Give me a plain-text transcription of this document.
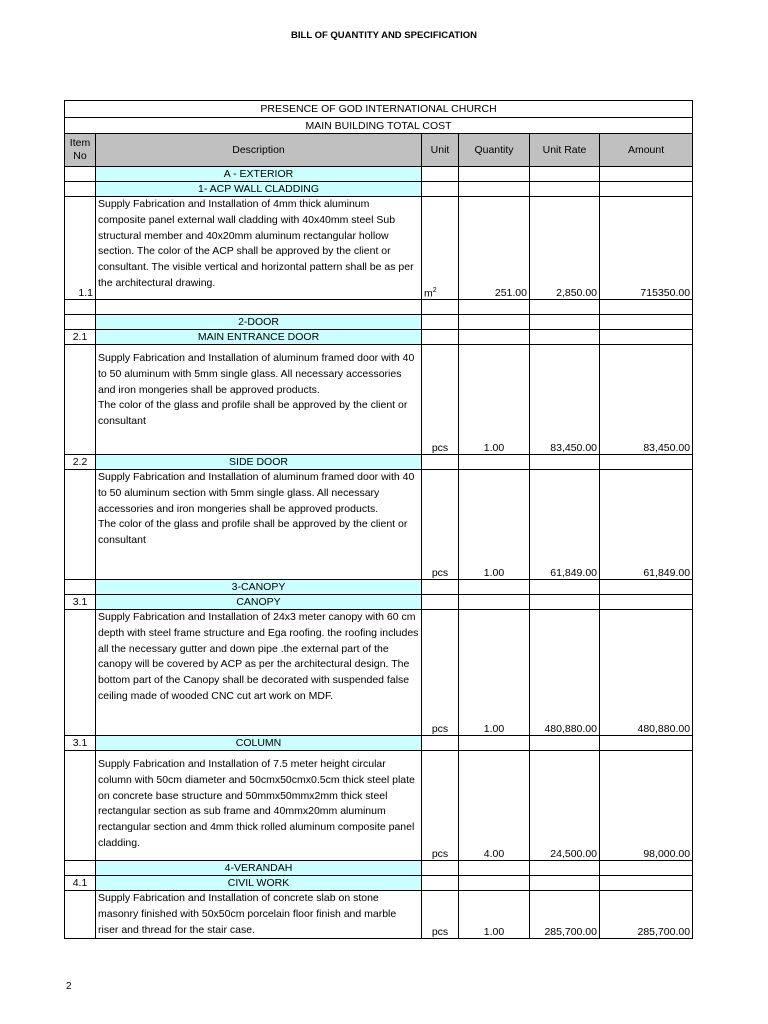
BILL OF QUANTITY AND SPECIFICATION
PRESENCE OF GOD INTERNATIONAL CHURCH					
MAIN BUILDING TOTAL COST					
Item No	Description	Unit	Quantity	Unit Rate	Amount
	A - EXTERIOR				
	1- ACP WALL CLADDING				
1.1	Supply Fabrication and Installation of 4mm thick aluminum composite panel external wall cladding with 40x40mm steel Sub structural member and 40x20mm aluminum rectangular hollow section. The color of the ACP shall be approved by the client or consultant. The visible vertical and horizontal pattern shall be as per the architectural drawing.	$m^2$	251.00	2,850.00	715350.00

	2-DOOR				
2.1	MAIN ENTRANCE DOOR				
	Supply Fabrication and Installation of aluminum framed door with 40 to 50 aluminum with 5mm single glass. All necessary accessories and iron mongeries shall be approved products.
The color of the glass and profile shall be approved by the client or consultant	pcs	1.00	83,450.00	83,450.00
2.2	SIDE DOOR				
	Supply Fabrication and Installation of aluminum framed door with 40 to 50 aluminum section with 5mm single glass. All necessary accessories and iron mongeries shall be approved products.
The color of the glass and profile shall be approved by the client or consultant	pcs	1.00	61,849.00	61,849.00
	3-CANOPY				
3.1	CANOPY				
	Supply Fabrication and Installation of 24x3 meter canopy with 60 cm depth with steel frame structure and Ega roofing. the roofing includes all the necessary gutter and down pipe .the external part of the canopy will be covered by ACP as per the architectural design. The bottom part of the Canopy shall be decorated with suspended false ceiling made of wooded CNC cut art work on MDF.	pcs	1.00	480,880.00	480,880.00
3.1	COLUMN				
	Supply Fabrication and Installation of 7.5 meter height circular column with 50cm diameter and 50cmx50cmx0.5cm thick steel plate on concrete base structure and 50mmx50mmx2mm thick steel rectangular section as sub frame and 40mmx20mm aluminum rectangular section and 4mm thick rolled aluminum composite panel cladding.	pcs	4.00	24,500.00	98,000.00
	4-VERANDAH				
4.1	CIVIL WORK				
	Supply Fabrication and Installation of concrete slab on stone masonry finished with 50x50cm porcelain floor finish and marble riser and thread for the stair case.	pcs	1.00	285,700.00	285,700.00
2
